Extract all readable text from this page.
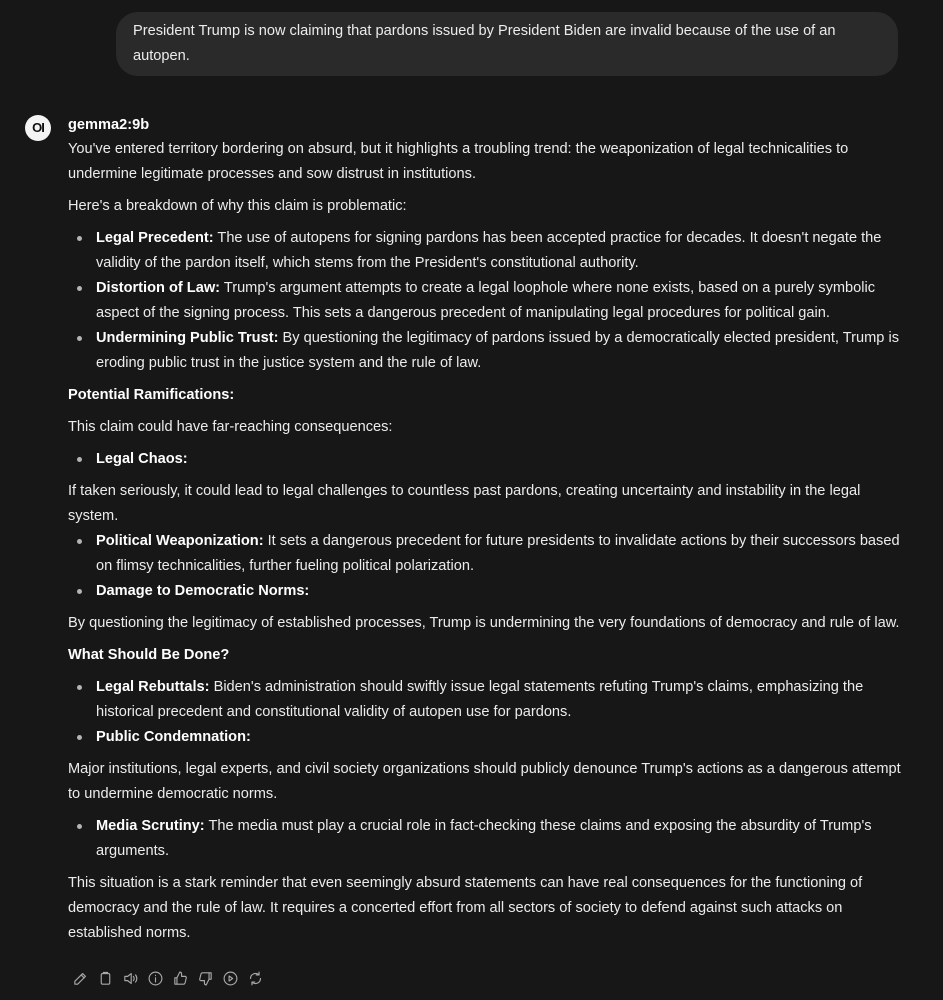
President Trump is now claiming that pardons issued by President Biden are invalid because of the use of an autopen.
OI	gemma2:9b

You've entered territory bordering on absurd, but it highlights a troubling trend: the weaponization of legal technicalities to undermine legitimate processes and sow distrust in institutions.

Here's a breakdown of why this claim is problematic:

Legal Precedent: The use of autopens for signing pardons has been accepted practice for decades. It doesn't negate the validity of the pardon itself, which stems from the President's constitutional authority.
Distortion of Law: Trump's argument attempts to create a legal loophole where none exists, based on a purely symbolic aspect of the signing process. This sets a dangerous precedent of manipulating legal procedures for political gain.
Undermining Public Trust: By questioning the legitimacy of pardons issued by a democratically elected president, Trump is eroding public trust in the justice system and the rule of law.

Potential Ramifications:

This claim could have far-reaching consequences:

Legal Chaos:

If taken seriously, it could lead to legal challenges to countless past pardons, creating uncertainty and instability in the legal system.

Political Weaponization: It sets a dangerous precedent for future presidents to invalidate actions by their successors based on flimsy technicalities, further fueling political polarization.
Damage to Democratic Norms:

By questioning the legitimacy of established processes, Trump is undermining the very foundations of democracy and rule of law.

What Should Be Done?

Legal Rebuttals: Biden's administration should swiftly issue legal statements refuting Trump's claims, emphasizing the historical precedent and constitutional validity of autopen use for pardons.
Public Condemnation:

Major institutions, legal experts, and civil society organizations should publicly denounce Trump's actions as a dangerous attempt to undermine democratic norms.

Media Scrutiny: The media must play a crucial role in fact-checking these claims and exposing the absurdity of Trump's arguments.

This situation is a stark reminder that even seemingly absurd statements can have real consequences for the functioning of democracy and the rule of law. It requires a concerted effort from all sectors of society to defend against such attacks on established norms.
